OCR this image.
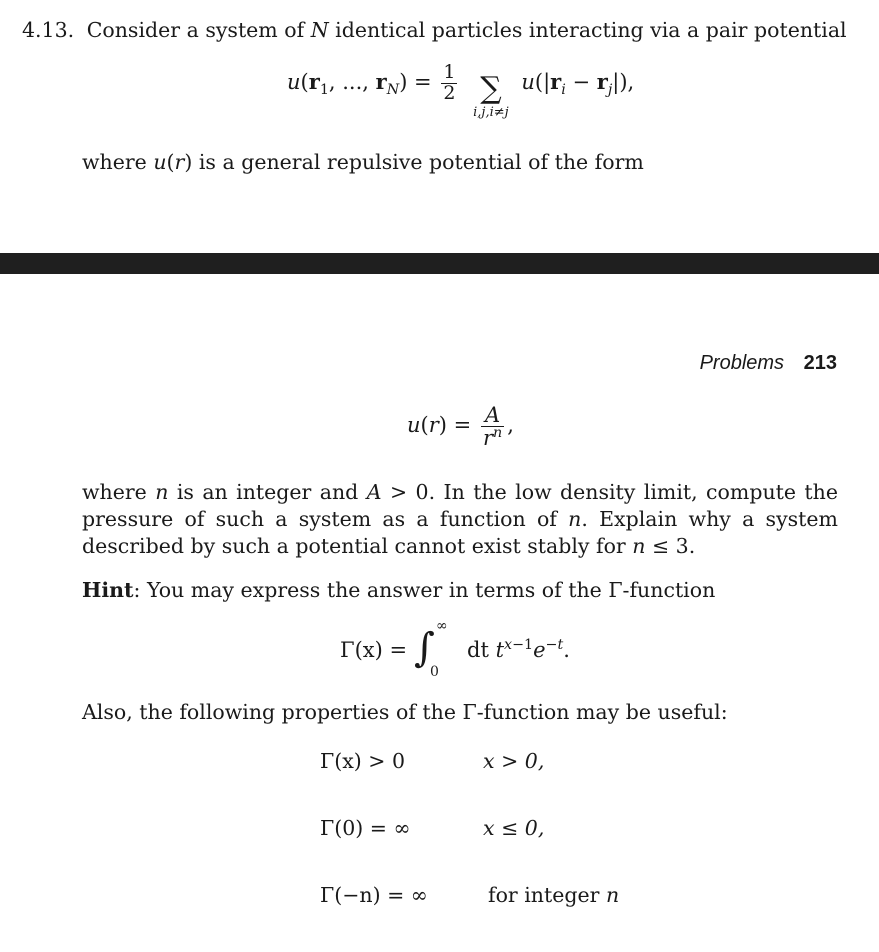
4.13. Consider a system of N identical particles interacting via a pair potential
$u(r_1$, ..., $r_N) = \frac{1}{2}$
∑
i,j,i≠j
$u(|r_i - r_j|)$,
where u(r) is a general repulsive potential of the form
Problems 213
$u(r) = \frac{A}{r^n}$ ,
where n is an integer and A > 0. In the low density limit, compute the pressure of such a system as a function of n. Explain why a system described by such a potential cannot exist stably for n ≤ 3.
Hint: You may express the answer in terms of the Γ-function
Γ(x) = ∫ ∞
0
dt $t^{x-1}e^{-t}$.
Also, the following properties of the Γ-function may be useful:
Γ(x) > 0	x > 0,
Γ(0) = ∞	x ≤ 0,
Γ(−n) = ∞	for integer n
